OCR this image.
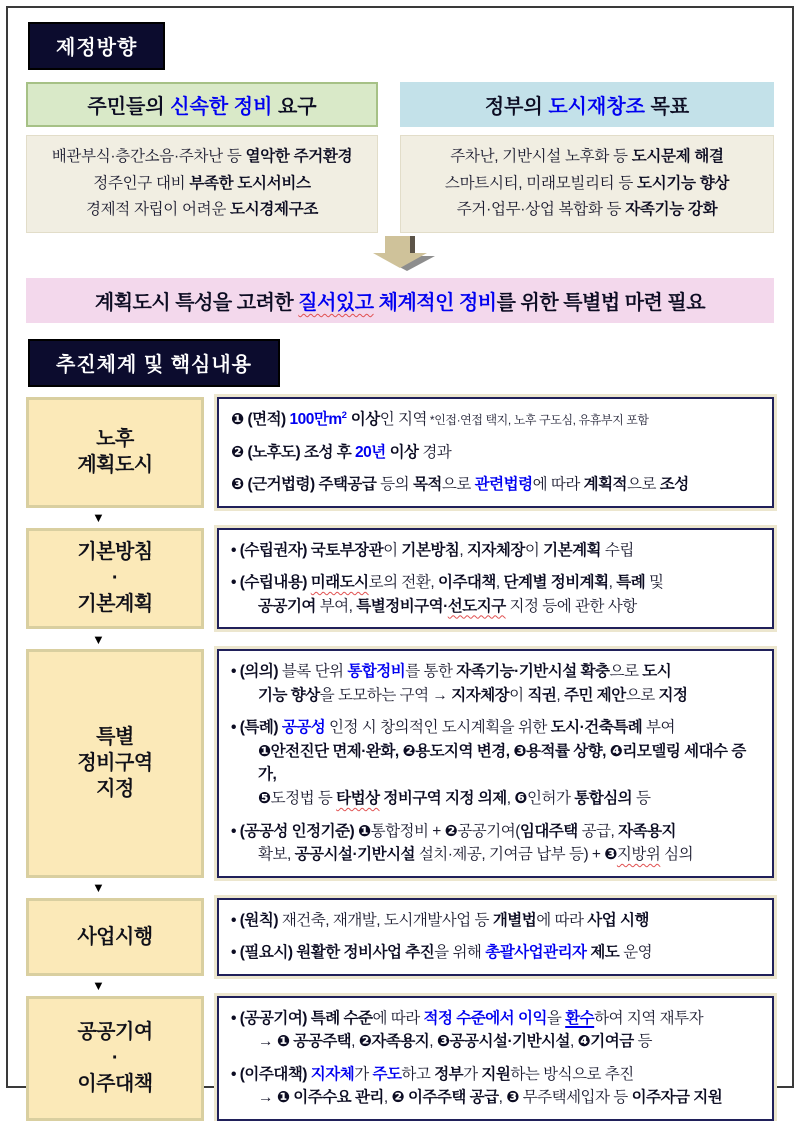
제정방향
주민들의 신속한 정비 요구
배관부식·층간소음·주차난 등 열악한 주거환경
정주인구 대비 부족한 도시서비스
경제적 자립이 어려운 도시경제구조
정부의 도시재창조 목표
주차난, 기반시설 노후화 등 도시문제 해결
스마트시티, 미래모빌리티 등 도시기능 향상
주거·업무·상업 복합화 등 자족기능 강화
계획도시 특성을 고려한 질서있고 체계적인 정비를 위한 특별법 마련 필요
추진체계 및 핵심내용
노후
계획도시
❶ (면적) 100만$m^2$ 이상인 지역 *인접·연접 택지, 노후 구도심, 유휴부지 포함
❷ (노후도) 조성 후 20년 이상 경과
❸ (근거법령) 주택공급 등의 목적으로 관련법령에 따라 계획적으로 조성
▼
기본방침
·
기본계획
• (수립권자) 국토부장관이 기본방침, 지자체장이 기본계획 수립
• (수립내용) 미래도시로의 전환, 이주대책, 단계별 정비계획, 특례 및
공공기여 부여, 특별정비구역·선도지구 지정 등에 관한 사항
▼
특별
정비구역
지정
• (의의) 블록 단위 통합정비를 통한 자족기능·기반시설 확충으로 도시
기능 향상을 도모하는 구역 → 지자체장이 직권, 주민 제안으로 지정
• (특례) 공공성 인정 시 창의적인 도시계획을 위한 도시·건축특례 부여
❶안전진단 면제·완화, ❷용도지역 변경, ❸용적률 상향, ❹리모델링 세대수 증가,
❺도정법 등 타법상 정비구역 지정 의제, ❻인허가 통합심의 등
• (공공성 인정기준) ❶통합정비 + ❷공공기여(임대주택 공급, 자족용지
확보, 공공시설·기반시설 설치·제공, 기여금 납부 등) + ❸지방위 심의
▼
사업시행
• (원칙) 재건축, 재개발, 도시개발사업 등 개별법에 따라 사업 시행
• (필요시) 원활한 정비사업 추진을 위해 총괄사업관리자 제도 운영
▼
공공기여
·
이주대책
• (공공기여) 특례 수준에 따라 적정 수준에서 이익을 환수하여 지역 재투자
→ ❶ 공공주택, ❷자족용지, ❸공공시설·기반시설, ❹기여금 등
• (이주대책) 지자체가 주도하고 정부가 지원하는 방식으로 추진
→ ❶ 이주수요 관리, ❷ 이주주택 공급, ❸ 무주택세입자 등 이주자금 지원
